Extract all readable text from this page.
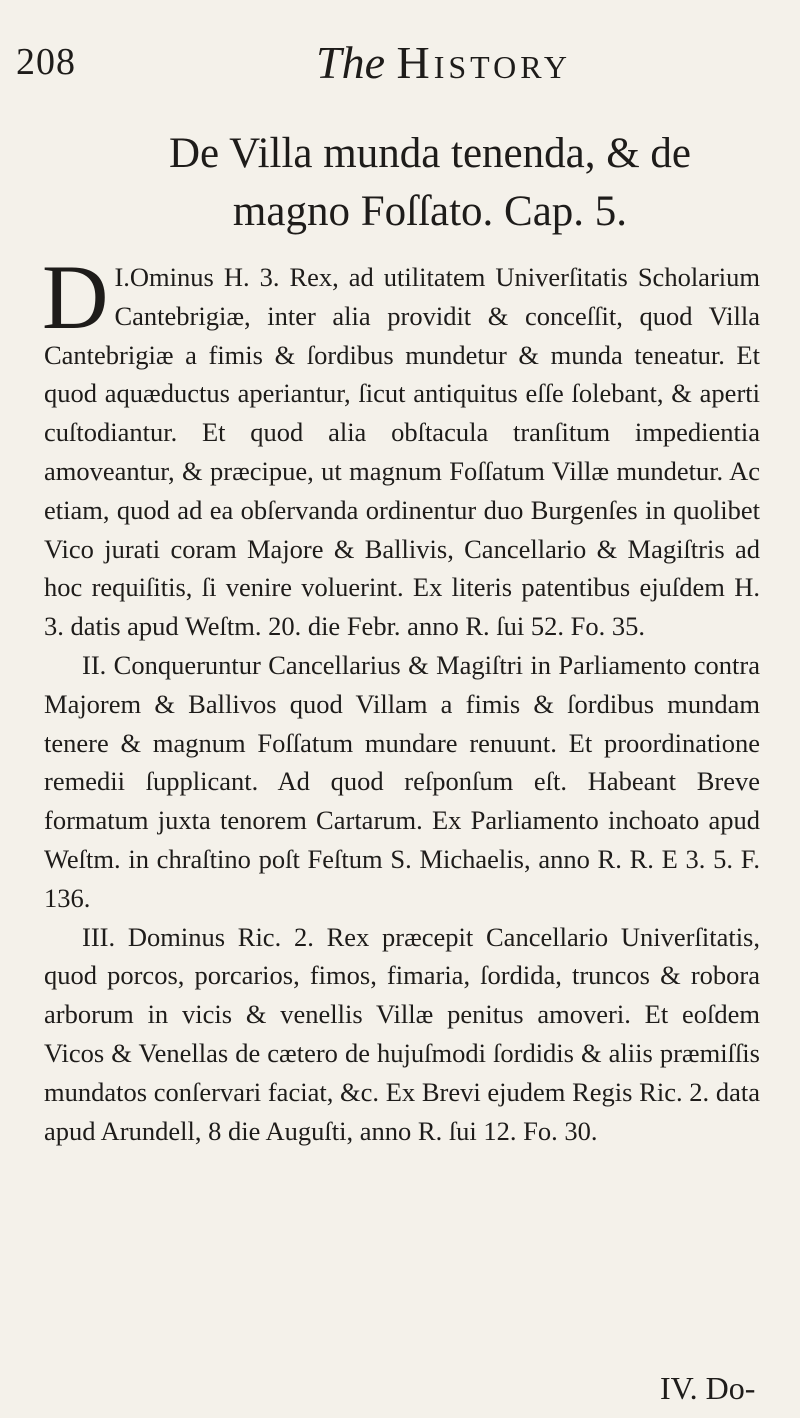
208	The History
De Villa munda tenenda, & de magno Foſſato. Cap. 5.

I.
D Ominus H. 3. Rex, ad utilitatem Univerſitatis Scholarium Cantebrigiæ, inter alia providit & conceſſit, quod Villa Cantebrigiæ a fimis & ſordibus mundetur & munda teneatur. Et quod aquæductus aperiantur, ſicut antiquitus eſſe ſolebant, & aperti cuſtodiantur. Et quod alia obſtacula tranſitum impedientia amoveantur, & præcipue, ut magnum Foſſatum Villæ mundetur. Ac etiam, quod ad ea obſervanda ordinentur duo Burgenſes in quolibet Vico jurati coram Majore & Ballivis, Cancellario & Magiſtris ad hoc requiſitis, ſi venire voluerint. Ex literis patentibus ejuſdem H. 3. datis apud Weſtm. 20. die Febr. anno R. ſui 52. Fo. 35.

II. Conqueruntur Cancellarius & Magiſtri in Parliamento contra Majorem & Ballivos quod Villam a fimis & ſordibus mundam tenere & magnum Foſſatum mundare renuunt. Et proordinatione remedii ſupplicant. Ad quod reſponſum eſt. Habeant Breve formatum juxta tenorem Cartarum. Ex Parliamento inchoato apud Weſtm. in chraſtino poſt Feſtum S. Michaelis, anno R. R. E 3. 5. F. 136.

III. Dominus Ric. 2. Rex præcepit Cancellario Univerſitatis, quod porcos, porcarios, fimos, fimaria, ſordida, truncos & robora arborum in vicis & venellis Villæ penitus amoveri. Et eoſdem Vicos & Venellas de cætero de hujuſmodi ſordidis & aliis præmiſſis mundatos conſervari faciat, &c. Ex Brevi ejudem Regis Ric. 2. data apud Arundell, 8 die Auguſti, anno R. ſui 12. Fo. 30.

IV. Do-
